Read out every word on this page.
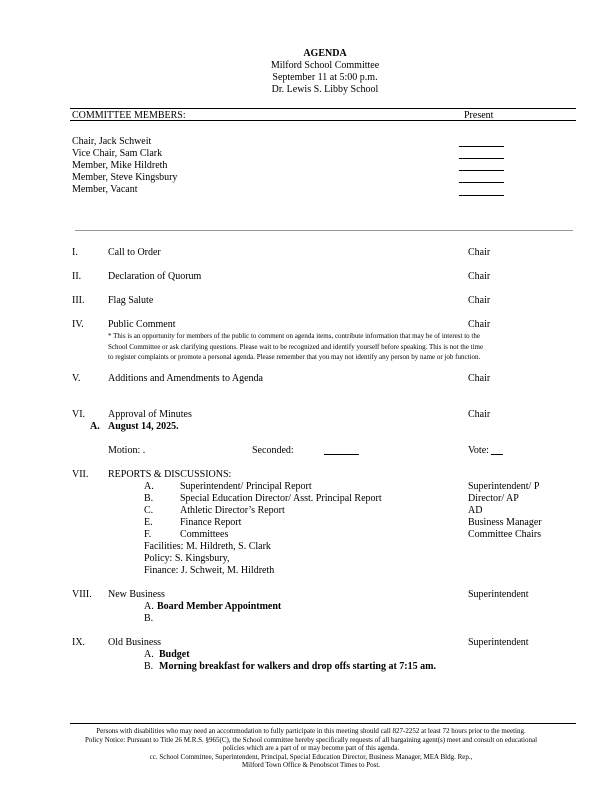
AGENDA
Milford School Committee
September 11 at 5:00 p.m.
Dr. Lewis S. Libby School
COMMITTEE MEMBERS:	Present
Chair, Jack Schweit
Vice Chair, Sam Clark
Member, Mike Hildreth
Member, Steve Kingsbury
Member, Vacant
I.	Call to Order	Chair
II.	Declaration of Quorum	Chair
III. Flag Salute	Chair
IV. Public Comment	Chair
* This is an opportunity for members of the public to comment on agenda items, contribute information that may be of interest to the
School Committee or ask clarifying questions. Please wait to be recognized and identify yourself before speaking. This is not the time
to register complaints or promote a personal agenda. Please remember that you may not identify any person by name or job function.
V.	Additions and Amendments to Agenda	Chair
VI. Approval of Minutes	Chair
A. August 14, 2025.
Motion: .	Seconded:	Vote:
VII. REPORTS & DISCUSSIONS:
A.	Superintendent/ Principal Report	Superintendent/ P
B.	Special Education Director/ Asst. Principal Report	Director/ AP
C.	Athletic Director’s Report	AD
E.	Finance Report	Business Manager
F.	Committees	Committee Chairs
Facilities: M. Hildreth, S. Clark
Policy: S. Kingsbury,
Finance: J. Schweit, M. Hildreth
VIII. New Business	Superintendent
A. Board Member Appointment
B.
IX. Old Business	Superintendent
A. Budget
B. Morning breakfast for walkers and drop offs starting at 7:15 am.
Persons with disabilities who may need an accommodation to fully participate in this meeting should call 827-2252 at least 72 hours prior to the meeting.
Policy Notice: Pursuant to Title 26 M.R.S. §965(C), the School committee hereby specifically requests of all bargaining agent(s) meet and consult on educational
policies which are a part of or may become part of this agenda.
cc. School Committee, Superintendent, Principal, Special Education Director, Business Manager, MEA Bldg. Rep.,
Milford Town Office & Penobscot Times to Post.
